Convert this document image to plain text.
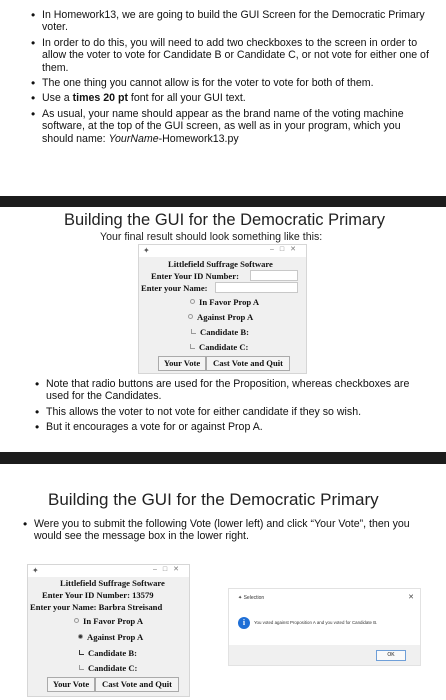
• In Homework13, we are going to build the GUI Screen for the Democratic Primary voter.
• In order to do this, you will need to add two checkboxes to the screen in order to allow the voter to vote for Candidate B or Candidate C, or not vote for either one of them.
• The one thing you cannot allow is for the voter to vote for both of them.
• Use a times 20 pt font for all your GUI text.
• As usual, your name should appear as the brand name of the voting machine software, at the top of the GUI screen, as well as in your program, which you should name: YourName-Homework13.py
Building the GUI for the Democratic Primary
Your final result should look something like this:
✦	–□✕
Littlefield Suffrage Software
Enter Your ID Number:
Enter your Name:
In Favor Prop A
Against Prop A
Candidate B:
Candidate C:
Your Vote	Cast Vote and Quit
• Note that radio buttons are used for the Proposition, whereas checkboxes are used for the Candidates.
• This allows the voter to not vote for either candidate if they so wish.
• But it encourages a vote for or against Prop A.
Building the GUI for the Democratic Primary
• Were you to submit the following Vote (lower left) and click “Your Vote”, then you would see the message box in the lower right.
✦	–□✕
Littlefield Suffrage Software
Enter Your ID Number: 13579
Enter your Name: Barbra Streisand
In Favor Prop A
Against Prop A
Candidate B:
Candidate C:
Your Vote	Cast Vote and Quit
✦ Selection	✕
i	You voted against Proposition A and you voted for Candidate B.
OK
